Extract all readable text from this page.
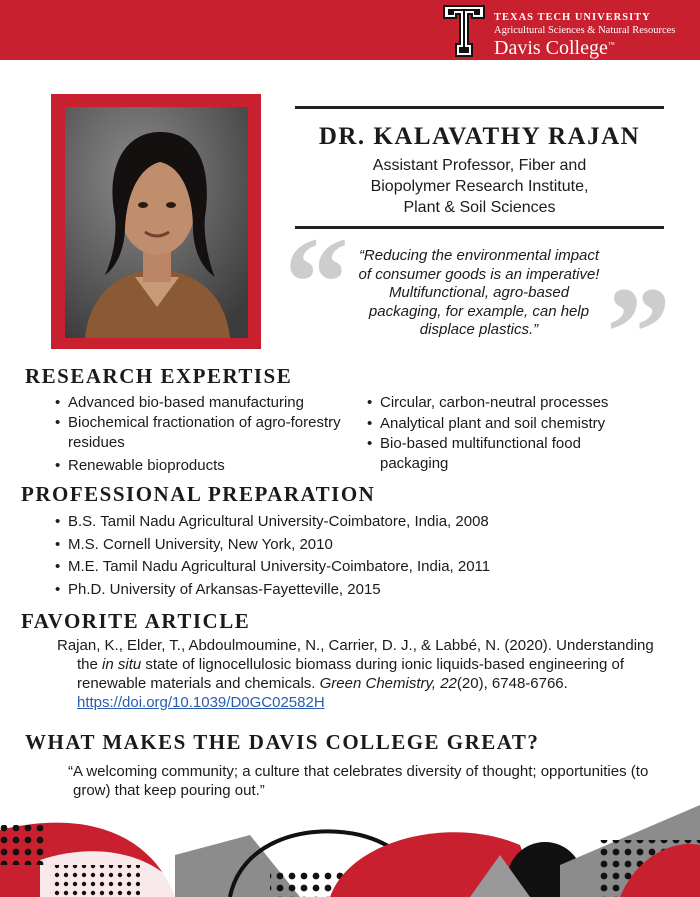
TEXAS TECH UNIVERSITY
Agricultural Sciences & Natural Resources
Davis College™
DR. KALAVATHY RAJAN
Assistant Professor, Fiber and
Biopolymer Research Institute,
Plant & Soil Sciences
“ ”
“Reducing the environmental impact
of consumer goods is an imperative!
Multifunctional, agro-based
packaging, for example, can help
displace plastics.”
RESEARCH EXPERTISE
• Advanced bio-based manufacturing
• Biochemical fractionation of agro-forestry residues
• Renewable bioproducts
• Circular, carbon-neutral processes
• Analytical plant and soil chemistry
• Bio-based multifunctional food packaging
PROFESSIONAL PREPARATION
• B.S. Tamil Nadu Agricultural University-Coimbatore, India, 2008
• M.S. Cornell University, New York, 2010
• M.E. Tamil Nadu Agricultural University-Coimbatore, India, 2011
• Ph.D. University of Arkansas-Fayetteville, 2015
FAVORITE ARTICLE
Rajan, K., Elder, T., Abdoulmoumine, N., Carrier, D. J., & Labbé, N. (2020). Understanding the in situ state of lignocellulosic biomass during ionic liquids-based engineering of renewable materials and chemicals. Green Chemistry, 22(20), 6748-6766. https://doi.org/10.1039/D0GC02582H
WHAT MAKES THE DAVIS COLLEGE GREAT?
“A welcoming community; a culture that celebrates diversity of thought; opportunities (to grow) that keep pouring out.”
